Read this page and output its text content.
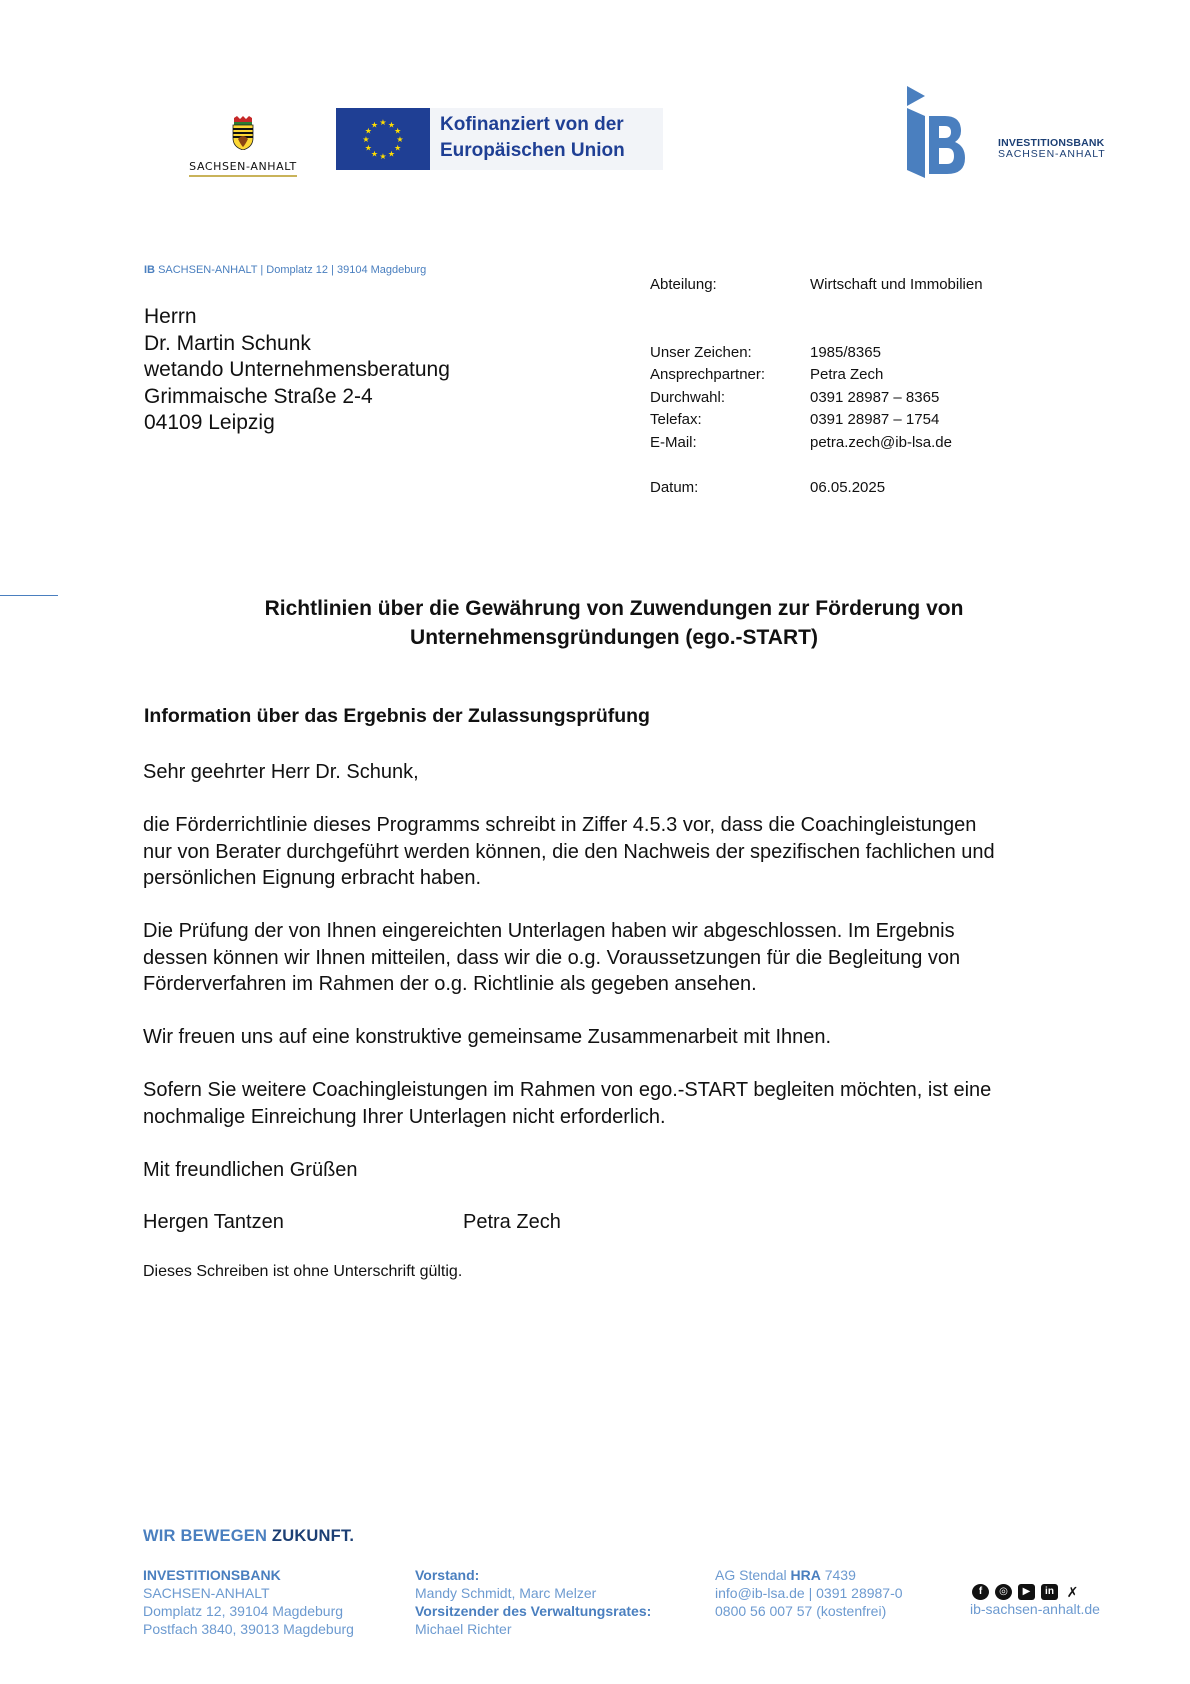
SACHSEN-ANHALT
★ ★
★
★
★
★
★
★
★
★
★
★	Kofinanziert von der
Europäischen Union	INVESTITIONSBANK
SACHSEN-ANHALT
IB SACHSEN-ANHALT | Domplatz 12 | 39104 Magdeburg
Herrn
Dr. Martin Schunk
wetando Unternehmensberatung
Grimmaische Straße 2-4
04109 Leipzig
Abteilung:	Wirtschaft und Immobilien
Unser Zeichen:	1985/8365
Ansprechpartner:	Petra Zech
Durchwahl:	0391 28987 – 8365
Telefax:	0391 28987 – 1754
E-Mail:	petra.zech@ib-lsa.de
Datum:	06.05.2025
Richtlinien über die Gewährung von Zuwendungen zur Förderung von
Unternehmensgründungen (ego.-START)
Information über das Ergebnis der Zulassungsprüfung
Sehr geehrter Herr Dr. Schunk,
die Förderrichtlinie dieses Programms schreibt in Ziffer 4.5.3 vor, dass die Coachingleistungen
nur von Berater durchgeführt werden können, die den Nachweis der spezifischen fachlichen und
persönlichen Eignung erbracht haben.
Die Prüfung der von Ihnen eingereichten Unterlagen haben wir abgeschlossen. Im Ergebnis
dessen können wir Ihnen mitteilen, dass wir die o.g. Voraussetzungen für die Begleitung von
Förderverfahren im Rahmen der o.g. Richtlinie als gegeben ansehen.
Wir freuen uns auf eine konstruktive gemeinsame Zusammenarbeit mit Ihnen.
Sofern Sie weitere Coachingleistungen im Rahmen von ego.-START begleiten möchten, ist eine
nochmalige Einreichung Ihrer Unterlagen nicht erforderlich.
Mit freundlichen Grüßen
Hergen Tantzen	Petra Zech
Dieses Schreiben ist ohne Unterschrift gültig.
WIR BEWEGEN ZUKUNFT.
INVESTITIONSBANK
SACHSEN-ANHALT
Domplatz 12, 39104 Magdeburg
Postfach 3840, 39013 Magdeburg
Vorstand:
Mandy Schmidt, Marc Melzer
Vorsitzender des Verwaltungsrates:
Michael Richter
AG Stendal HRA 7439
info@ib-lsa.de | 0391 28987-0
0800 56 007 57 (kostenfrei)
f	◎	▶	in ✗
ib-sachsen-anhalt.de
